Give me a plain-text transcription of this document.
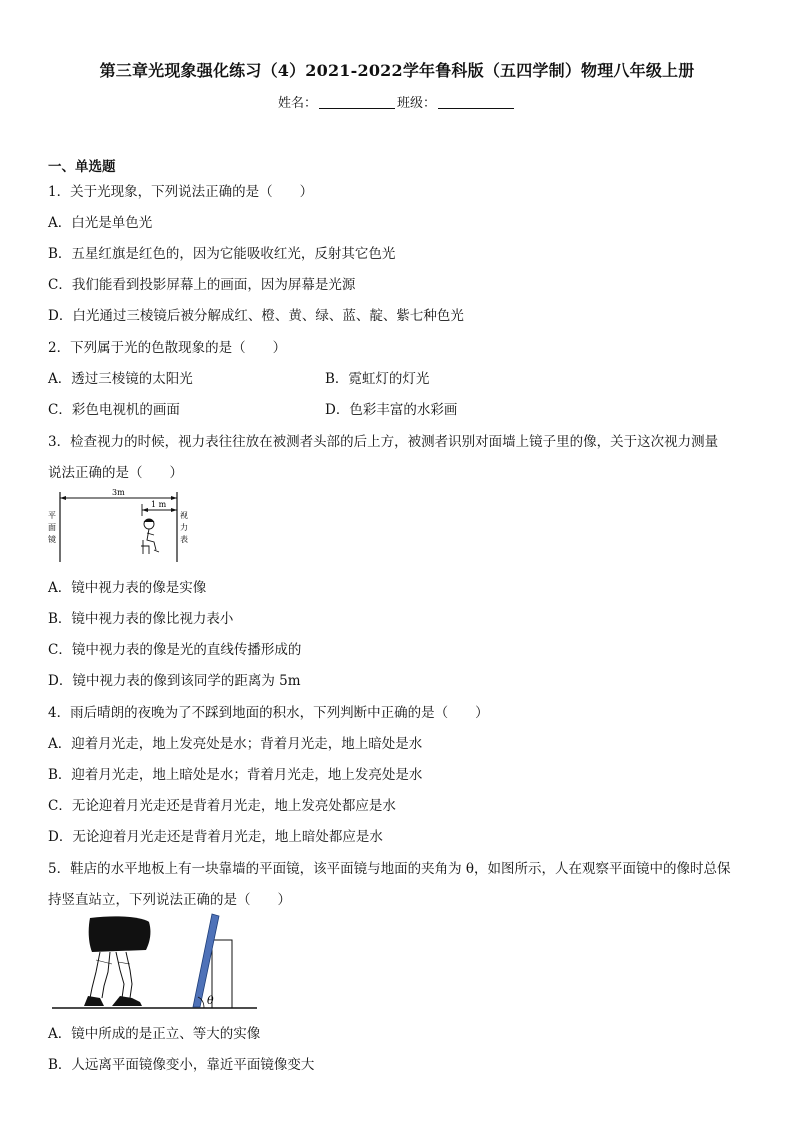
第三章光现象强化练习（4）2021-2022学年鲁科版（五四学制）物理八年级上册
姓名：	班级：
一、单选题
1．关于光现象，下列说法正确的是（　　）
A．白光是单色光
B．五星红旗是红色的，因为它能吸收红光，反射其它色光
C．我们能看到投影屏幕上的画面，因为屏幕是光源
D．白光通过三棱镜后被分解成红、橙、黄、绿、蓝、靛、紫七种色光
2．下列属于光的色散现象的是（　　）
A．透过三棱镜的太阳光	B．霓虹灯的灯光
C．彩色电视机的画面	D．色彩丰富的水彩画
3．检查视力的时候，视力表往往放在被测者头部的后上方，被测者识别对面墙上镜子里的像，关于这次视力测量
说法正确的是（　　）
3m
1 m
平
面
镜
视
力
表
A．镜中视力表的像是实像
B．镜中视力表的像比视力表小
C．镜中视力表的像是光的直线传播形成的
D．镜中视力表的像到该同学的距离为 5m
4．雨后晴朗的夜晚为了不踩到地面的积水，下列判断中正确的是（　　）
A．迎着月光走，地上发亮处是水；背着月光走，地上暗处是水
B．迎着月光走，地上暗处是水；背着月光走，地上发亮处是水
C．无论迎着月光走还是背着月光走，地上发亮处都应是水
D．无论迎着月光走还是背着月光走，地上暗处都应是水
5．鞋店的水平地板上有一块靠墙的平面镜，该平面镜与地面的夹角为 θ，如图所示，人在观察平面镜中的像时总保
持竖直站立，下列说法正确的是（　　）
θ
A．镜中所成的是正立、等大的实像
B．人远离平面镜像变小，靠近平面镜像变大
